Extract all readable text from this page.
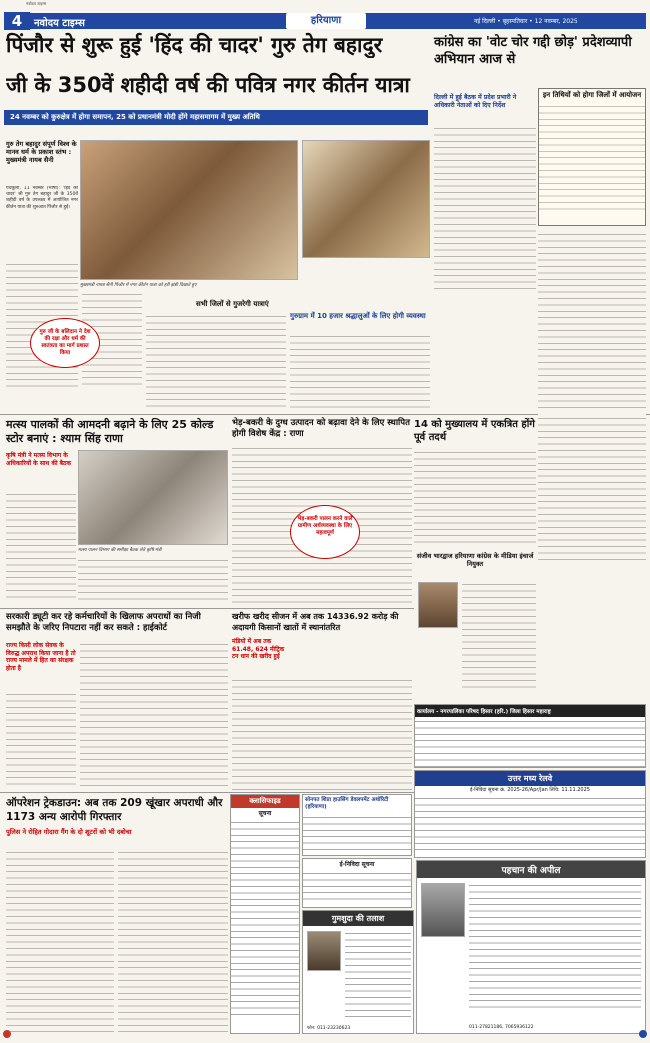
नवोदय टाइम्स
4	नवोदय टाइम्स	हरियाणा	नई दिल्ली • बृहस्पतिवार • 12 नवम्बर, 2025
पिंजौर से शुरू हुई 'हिंद की चादर' गुरु तेग बहादुर
जी के 350वें शहीदी वर्ष की पवित्र नगर कीर्तन यात्रा
24 नवम्बर को कुरुक्षेत्र में होगा समापन, 25 को प्रधानमंत्री मोदी होंगे महासमागम में मुख्य अतिथि
कांग्रेस का 'वोट चोर गद्दी छोड़' प्रदेशव्यापी अभियान आज से
दिल्ली में हुई बैठक में प्रदेश प्रभारी ने अधिकारी नेताओं को दिए निर्देश
इन तिथियों को होगा जिलों में आयोजन
गुरु तेग बहादुर संपूर्ण विश्व के मानव धर्म के प्रकाश स्तंभ : मुख्यमंत्री नायब सैनी
पंचकूला, 11 नवम्बर (भाषा): 'हिंद की चादर' श्री गुरु तेग बहादुर जी के 350वें शहीदी वर्ष के उपलक्ष्य में आयोजित नगर कीर्तन यात्रा की शुरुआत पिंजौर से हुई।
गुरु जी के बलिदान ने देश की रक्षा और धर्म की स्वतंत्रता का मार्ग प्रशस्त किया
मुख्यमंत्री नायब सैनी पिंजौर में नगर कीर्तन यात्रा को हरी झंडी दिखाते हुए
सभी जिलों से गुजरेगी यात्राएं
गुरुग्राम में 10 हजार श्रद्धालुओं के लिए होगी व्यवस्था
मत्स्य पालकों की आमदनी बढ़ाने के लिए 25 कोल्ड स्टोर बनाएं : श्याम सिंह राणा
कृषि मंत्री ने मत्स्य विभाग के अधिकारियों के साथ की बैठक
मत्स्य पालन विभाग की समीक्षा बैठक लेते कृषि मंत्री
भेड़-बकरी के दुग्ध उत्पादन को बढ़ावा देने के लिए स्थापित होगी विशेष केंद्र : राणा
भेड़-बकरी पालन करने वाले ग्रामीण अर्थव्यवस्था के लिए महत्वपूर्ण
14 को मुख्यालय में एकत्रित होंगे पूर्व तदर्थ
सरकारी ड्यूटी कर रहे कर्मचारियों के खिलाफ अपराधों का निजी समझौते के जरिए निपटारा नहीं कर सकते : हाईकोर्ट
राज्य किसी लोक सेवक के विरुद्ध अपराध किया जाना है तो राज्य मामले में हित का संरक्षक होता है
खरीफ खरीद सीजन में अब तक 14336.92 करोड़ की अदायगी किसानों खातों में स्थानांतरित
मंडियों में अब तक 61.48, 624 मीट्रिक टन धान की खरीद हुई
संजीव भारद्वाज हरियाणा कांग्रेस के मीडिया इंचार्ज नियुक्त
कार्यालय - नगरपालिका परिषद हिसार (हरि.) जिला हिसार महाराष्ट्र
उत्तर मध्य रेलवे
ई-निविदा सूचना क्र. 2025-26/Apr/Jan तिथि: 11.11.2025
ऑपरेशन ट्रेकडाउन: अब तक 209 खूंखार अपराधी और 1173 अन्य आरोपी गिरफ्तार
पुलिस ने रोहित गोदारा गैंग के दो शूटरों को भी दबोचा
क्लासिफाइड
सूचना
सोनपत शिप्रा हाउसिंग डेवलपमेंट अथॉरिटी (हरियाणा)
ई-निविदा सूचना
गुमशुदा की तलाश
फोन: 011-23230623
पहचान की अपील
011-27821186, 7065936122
